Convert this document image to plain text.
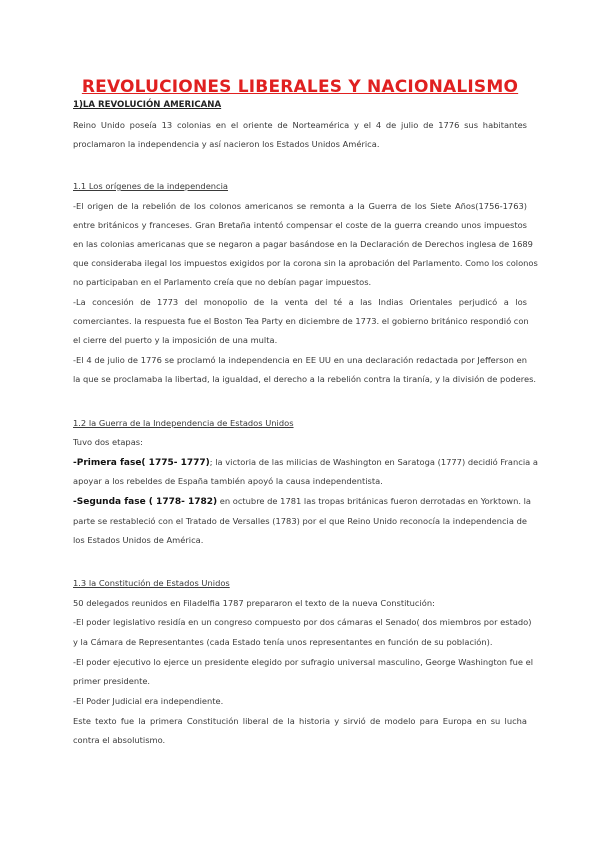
REVOLUCIONES LIBERALES Y NACIONALISMO
1)LA REVOLUCIÓN AMERICANA
Reino Unido poseía 13 colonias en el oriente de Norteamérica y el 4 de julio de 1776 sus habitantes
proclamaron la independencia y así nacieron los Estados Unidos América.
1.1 Los orígenes de la independencia
-El origen de la rebelión de los colonos americanos se remonta a la Guerra de los Siete Años(1756-1763)
entre británicos y franceses. Gran Bretaña intentó compensar el coste de la guerra creando unos impuestos
en las colonias americanas que se negaron a pagar basándose en la Declaración de Derechos inglesa de 1689
que consideraba ilegal los impuestos exigidos por la corona sin la aprobación del Parlamento. Como los colonos
no participaban en el Parlamento creía que no debían pagar impuestos.
-La concesión de 1773 del monopolio de la venta del té a las Indias Orientales perjudicó a los
comerciantes. la respuesta fue el Boston Tea Party en diciembre de 1773. el gobierno británico respondió con
el cierre del puerto y la imposición de una multa.
-El 4 de julio de 1776 se proclamó la independencia en EE UU en una declaración redactada por Jefferson en
la que se proclamaba la libertad, la igualdad, el derecho a la rebelión contra la tiranía, y la división de poderes.
1.2 la Guerra de la Independencia de Estados Unidos
Tuvo dos etapas:
-Primera fase( 1775- 1777); la victoria de las milicias de Washington en Saratoga (1777) decidió Francia a
apoyar a los rebeldes de España también apoyó la causa independentista.
-Segunda fase ( 1778- 1782) en octubre de 1781 las tropas británicas fueron derrotadas en Yorktown. la
parte se restableció con el Tratado de Versalles (1783) por el que Reino Unido reconocía la independencia de
los Estados Unidos de América.
1.3 la Constitución de Estados Unidos
50 delegados reunidos en Filadelfia 1787 prepararon el texto de la nueva Constitución:
-El poder legislativo residía en un congreso compuesto por dos cámaras el Senado( dos miembros por estado)
y la Cámara de Representantes (cada Estado tenía unos representantes en función de su población).
-El poder ejecutivo lo ejerce un presidente elegido por sufragio universal masculino, George Washington fue el
primer presidente.
-El Poder Judicial era independiente.
Este texto fue la primera Constitución liberal de la historia y sirvió de modelo para Europa en su lucha
contra el absolutismo.
